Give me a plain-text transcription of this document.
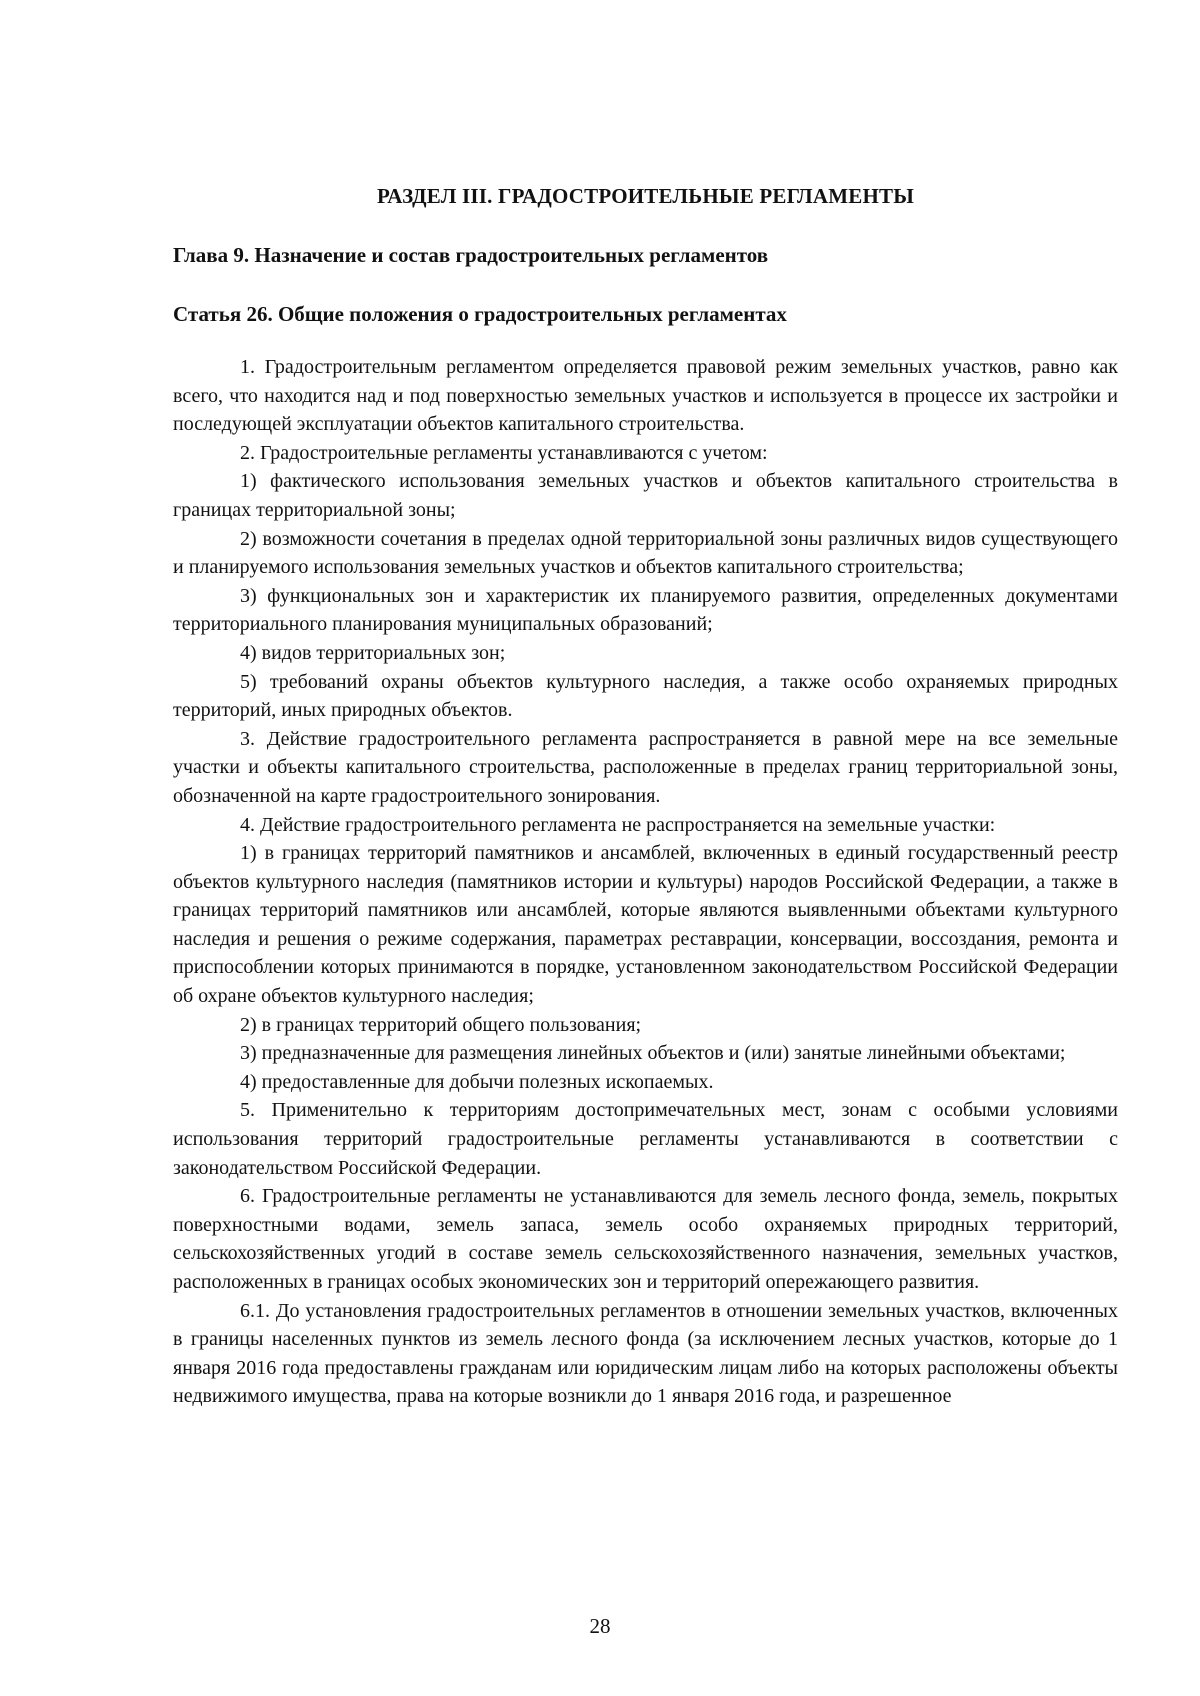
РАЗДЕЛ III. ГРАДОСТРОИТЕЛЬНЫЕ РЕГЛАМЕНТЫ
Глава 9. Назначение и состав градостроительных регламентов
Статья 26. Общие положения о градостроительных регламентах

1. Градостроительным регламентом определяется правовой режим земельных участков, равно как всего, что находится над и под поверхностью земельных участков и используется в процессе их застройки и последующей эксплуатации объектов капитального строительства.

2. Градостроительные регламенты устанавливаются с учетом:

1) фактического использования земельных участков и объектов капитального строительства в границах территориальной зоны;

2) возможности сочетания в пределах одной территориальной зоны различных видов существующего и планируемого использования земельных участков и объектов капитального строительства;

3) функциональных зон и характеристик их планируемого развития, определенных документами территориального планирования муниципальных образований;

4) видов территориальных зон;

5) требований охраны объектов культурного наследия, а также особо охраняемых природных территорий, иных природных объектов.

3. Действие градостроительного регламента распространяется в равной мере на все земельные участки и объекты капитального строительства, расположенные в пределах границ территориальной зоны, обозначенной на карте градостроительного зонирования.

4. Действие градостроительного регламента не распространяется на земельные участки:

1) в границах территорий памятников и ансамблей, включенных в единый государственный реестр объектов культурного наследия (памятников истории и культуры) народов Российской Федерации, а также в границах территорий памятников или ансамблей, которые являются выявленными объектами культурного наследия и решения о режиме содержания, параметрах реставрации, консервации, воссоздания, ремонта и приспособлении которых принимаются в порядке, установленном законодательством Российской Федерации об охране объектов культурного наследия;

2) в границах территорий общего пользования;

3) предназначенные для размещения линейных объектов и (или) занятые линейными объектами;

4) предоставленные для добычи полезных ископаемых.

5. Применительно к территориям достопримечательных мест, зонам с особыми условиями использования территорий градостроительные регламенты устанавливаются в соответствии с законодательством Российской Федерации.

6. Градостроительные регламенты не устанавливаются для земель лесного фонда, земель, покрытых поверхностными водами, земель запаса, земель особо охраняемых природных территорий, сельскохозяйственных угодий в составе земель сельскохозяйственного назначения, земельных участков, расположенных в границах особых экономических зон и территорий опережающего развития.

6.1. До установления градостроительных регламентов в отношении земельных участков, включенных в границы населенных пунктов из земель лесного фонда (за исключением лесных участков, которые до 1 января 2016 года предоставлены гражданам или юридическим лицам либо на которых расположены объекты недвижимого имущества, права на которые возникли до 1 января 2016 года, и разрешенное

28
